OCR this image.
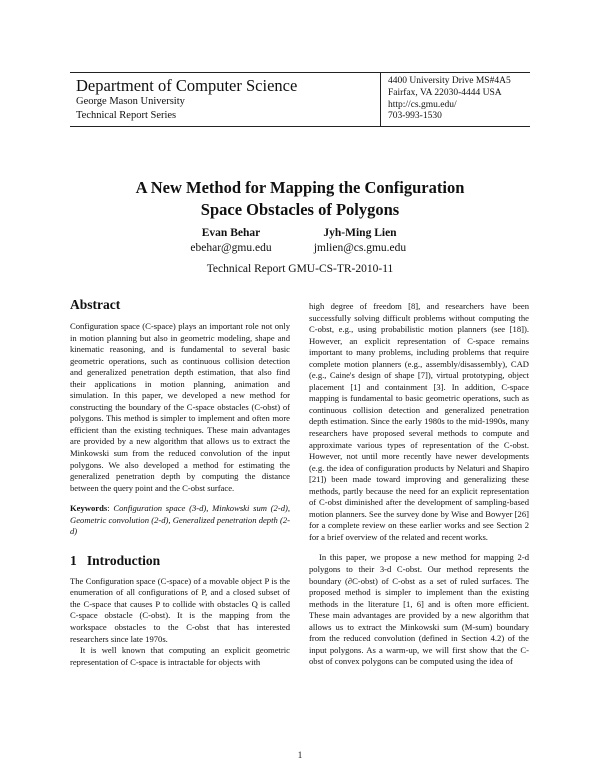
Department of Computer Science
George Mason University
Technical Report Series
4400 University Drive MS#4A5
Fairfax, VA 22030-4444 USA
http://cs.gmu.edu/
703-993-1530
A New Method for Mapping the Configuration
Space Obstacles of Polygons
Evan Behar
ebehar@gmu.edu
Jyh-Ming Lien
jmlien@cs.gmu.edu
Technical Report GMU-CS-TR-2010-11
Abstract

Configuration space (C-space) plays an important role not only in motion planning but also in geometric modeling, shape and kinematic reasoning, and is fundamental to several basic geometric operations, such as continuous collision detection and generalized penetration depth estimation, that also find their applications in motion planning, animation and simulation. In this paper, we developed a new method for constructing the boundary of the C-space obstacles (C-obst) of polygons. This method is simpler to implement and often more efficient than the existing techniques. These main advantages are provided by a new algorithm that allows us to extract the Minkowski sum from the reduced convolution of the input polygons. We also developed a method for estimating the generalized penetration depth by computing the distance between the query point and the C-obst surface.

Keywords: Configuration space (3-d), Minkowski sum (2-d), Geometric convolution (2-d), Generalized penetration depth (2-d)

1   Introduction

The Configuration space (C-space) of a movable object P is the enumeration of all configurations of P, and a closed subset of the C-space that causes P to collide with obstacles Q is called C-space obstacle (C-obst). It is the mapping from the workspace obstacles to the C-obst that has interested researchers since late 1970s.

It is well known that computing an explicit geometric representation of C-space is intractable for objects with

high degree of freedom [8], and researchers have been successfully solving difficult problems without computing the C-obst, e.g., using probabilistic motion planners (see [18]). However, an explicit representation of C-space remains important to many problems, including problems that require complete motion planners (e.g., assembly/disassembly), CAD (e.g., Caine's design of shape [7]), virtual prototyping, object placement [1] and containment [3]. In addition, C-space mapping is fundamental to basic geometric operations, such as continuous collision detection and generalized penetration depth estimation. Since the early 1980s to the mid-1990s, many researchers have proposed several methods to compute and approximate various types of representation of the C-obst. However, not until more recently have newer developments (e.g. the idea of configuration products by Nelaturi and Shapiro [21]) been made toward improving and generalizing these methods, partly because the need for an explicit representation of C-obst diminished after the development of sampling-based motion planners. See the survey done by Wise and Bowyer [26] for a complete review on these earlier works and see Section 2 for a brief overview of the related and recent works.

In this paper, we propose a new method for mapping 2-d polygons to their 3-d C-obst. Our method represents the boundary (∂C-obst) of C-obst as a set of ruled surfaces. The proposed method is simpler to implement than the existing methods in the literature [1, 6] and is often more efficient. These main advantages are provided by a new algorithm that allows us to extract the Minkowski sum (M-sum) boundary from the reduced convolution (defined in Section 4.2) of the input polygons. As a warm-up, we will first show that the C-obst of convex polygons can be computed using the idea of

1
